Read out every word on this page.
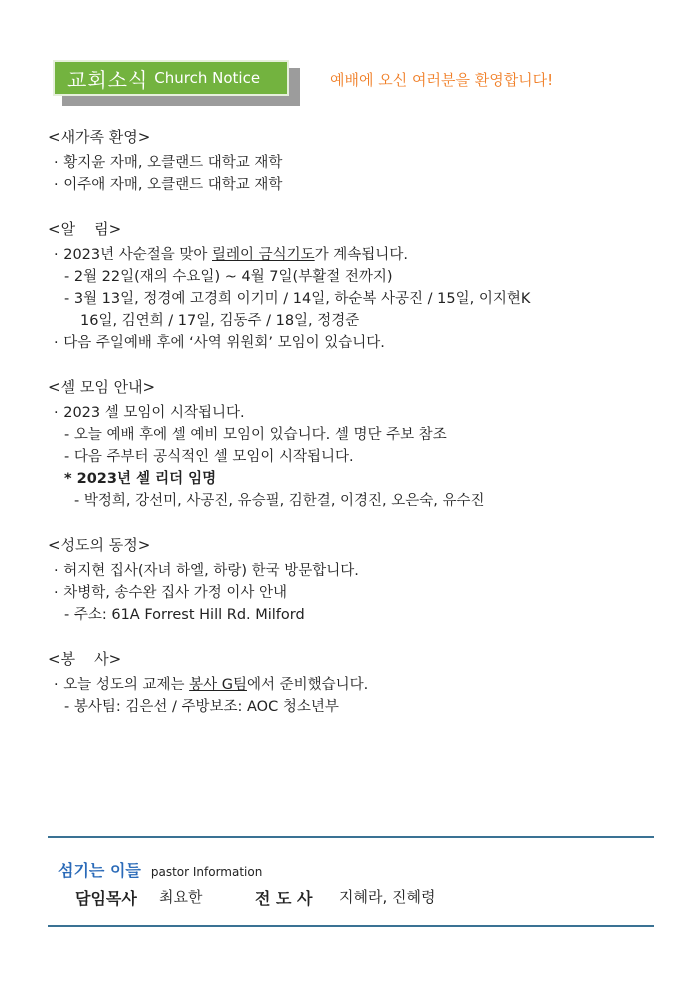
교회소식 Church Notice	예배에 오신 여러분을 환영합니다!
<새가족 환영>
· 황지윤 자매, 오클랜드 대학교 재학
· 이주애 자매, 오클랜드 대학교 재학
<알    림>
· 2023년 사순절을 맞아 릴레이 금식기도가 계속됩니다.
- 2월 22일(재의 수요일) ~ 4월 7일(부활절 전까지)
- 3월 13일, 정경예 고경희 이기미 / 14일, 하순복 사공진 / 15일, 이지현K
16일, 김연희 / 17일, 김동주 / 18일, 정경준
· 다음 주일예배 후에 ‘사역 위원회’ 모임이 있습니다.
<셀 모임 안내>
· 2023 셀 모임이 시작됩니다.
- 오늘 예배 후에 셀 예비 모임이 있습니다. 셀 명단 주보 참조
- 다음 주부터 공식적인 셀 모임이 시작됩니다.
* 2023년 셀 리더 임명
- 박정희, 강선미, 사공진, 유승필, 김한결, 이경진, 오은숙, 유수진
<성도의 동정>
· 허지현 집사(자녀 하엘, 하랑) 한국 방문합니다.
· 차병학, 송수완 집사 가정 이사 안내
- 주소: 61A Forrest Hill Rd. Milford
<봉    사>
· 오늘 성도의 교제는 봉사 G팀에서 준비했습니다.
- 봉사팀: 김은선 / 주방보조: AOC 청소년부
섬기는 이들 pastor Information
담임목사	최요한	전 도 사	지혜라, 진혜령
